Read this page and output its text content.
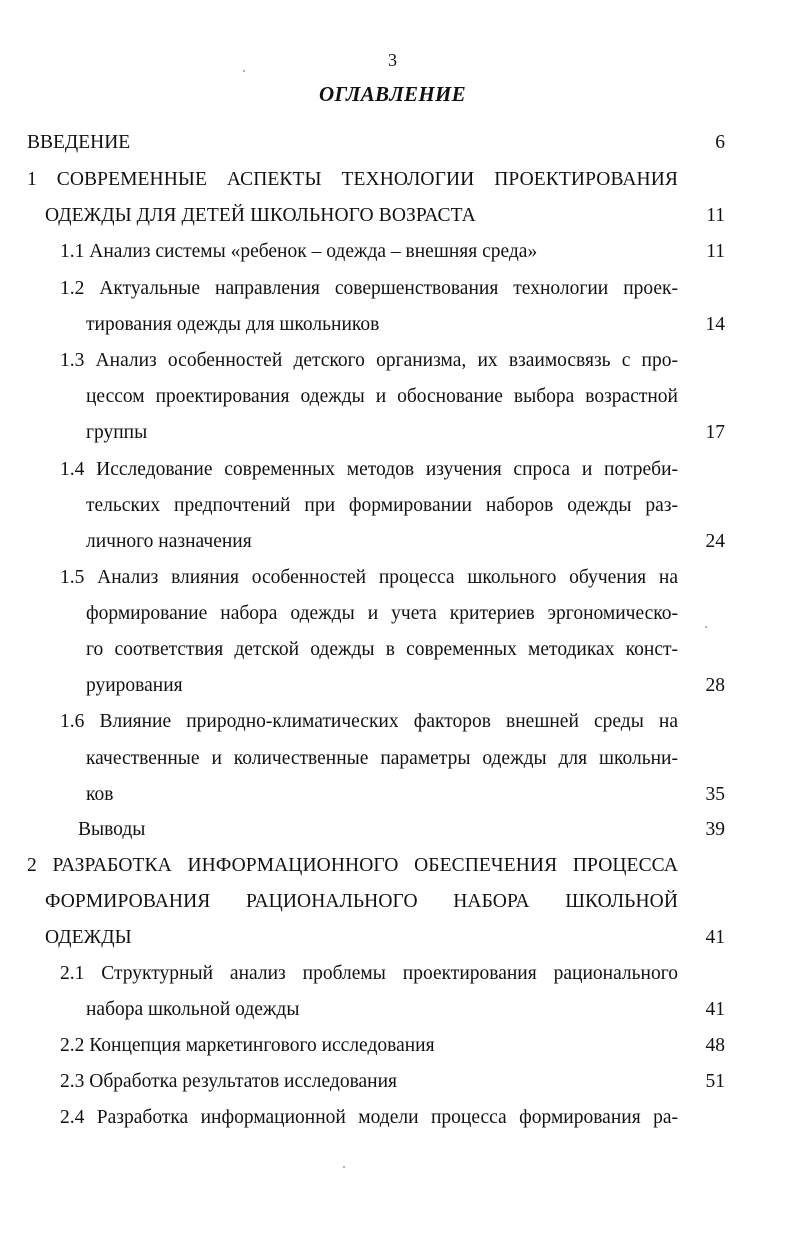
3
ОГЛАВЛЕНИЕ
ВВЕДЕНИЕ	6
1 СОВРЕМЕННЫЕ АСПЕКТЫ ТЕХНОЛОГИИ ПРОЕКТИРОВАНИЯ
ОДЕЖДЫ ДЛЯ ДЕТЕЙ ШКОЛЬНОГО ВОЗРАСТА	11
1.1 Анализ системы «ребенок – одежда – внешняя среда»	11
1.2 Актуальные направления совершенствования технологии проек-
тирования одежды для школьников	14
1.3 Анализ особенностей детского организма, их взаимосвязь с про-
цессом проектирования одежды и обоснование выбора возрастной
группы	17
1.4 Исследование современных методов изучения спроса и потреби-
тельских предпочтений при формировании наборов одежды раз-
личного назначения	24
1.5 Анализ влияния особенностей процесса школьного обучения на
формирование набора одежды и учета критериев эргономическо-
го соответствия детской одежды в современных методиках конст-
руирования	28
1.6 Влияние природно-климатических факторов внешней среды на
качественные и количественные параметры одежды для школьни-
ков	35
Выводы	39
2 РАЗРАБОТКА ИНФОРМАЦИОННОГО ОБЕСПЕЧЕНИЯ ПРОЦЕССА
ФОРМИРОВАНИЯ РАЦИОНАЛЬНОГО НАБОРА ШКОЛЬНОЙ
ОДЕЖДЫ	41
2.1 Структурный анализ проблемы проектирования рационального
набора школьной одежды	41
2.2 Концепция маркетингового исследования	48
2.3 Обработка результатов исследования	51
2.4 Разработка информационной модели процесса формирования ра-
